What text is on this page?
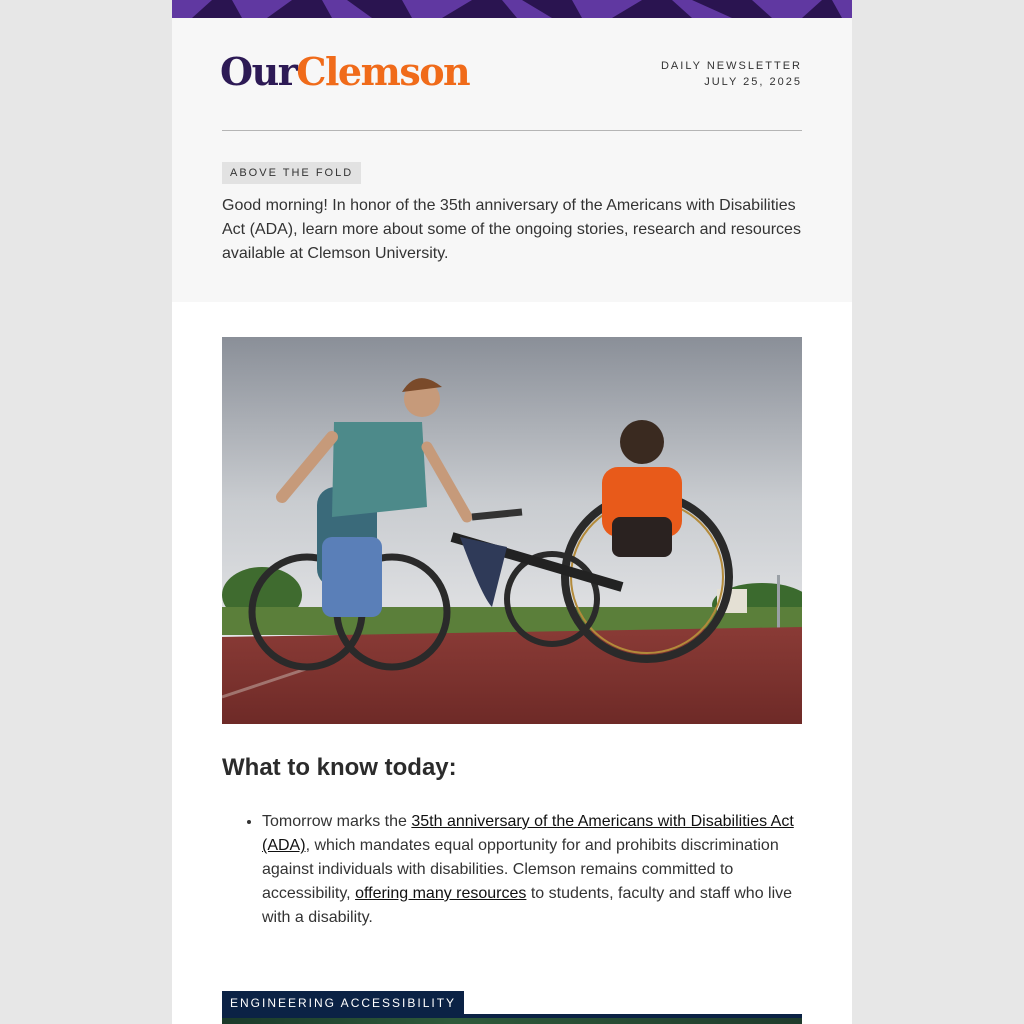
OurClemson	DAILY NEWSLETTER
JULY 25, 2025
ABOVE THE FOLD
Good morning! In honor of the 35th anniversary of the Americans with Disabilities Act (ADA), learn more about some of the ongoing stories, research and resources available at Clemson University.
What to know today:
• Tomorrow marks the 35th anniversary of the Americans with Disabilities Act (ADA), which mandates equal opportunity for and prohibits discrimination against individuals with disabilities. Clemson remains committed to accessibility, offering many resources to students, faculty and staff who live with a disability.
ENGINEERING ACCESSIBILITY
